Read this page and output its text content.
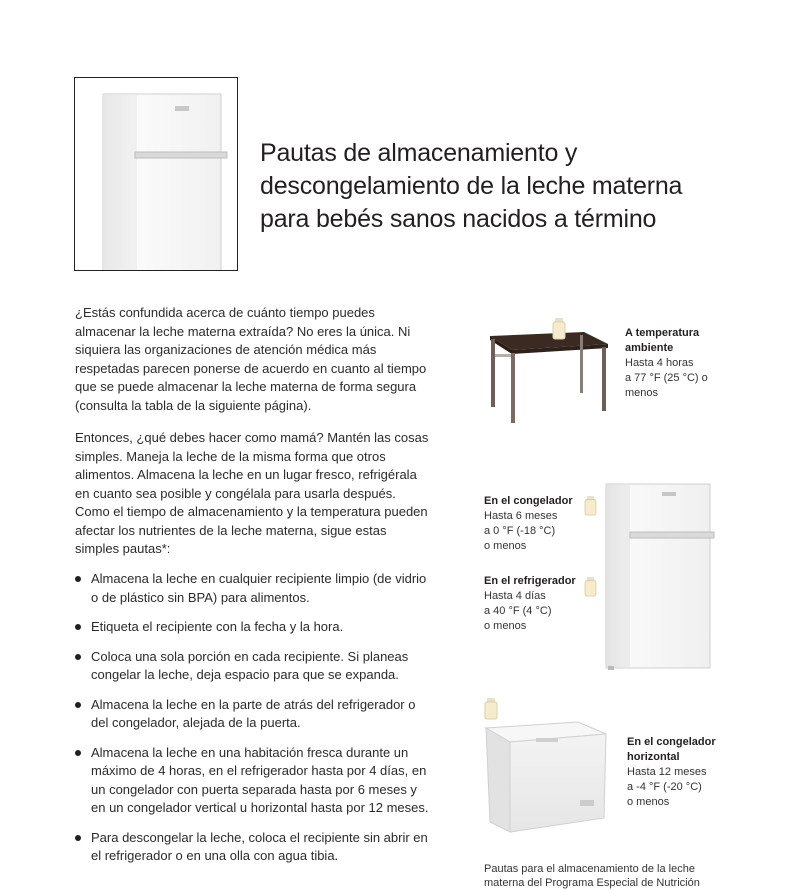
Pautas de almacenamiento y
descongelamiento de la leche materna
para bebés sanos nacidos a término

¿Estás confundida acerca de cuánto tiempo puedes almacenar la leche materna extraída? No eres la única. Ni siquiera las organizaciones de atención médica más respetadas parecen ponerse de acuerdo en cuanto al tiempo que se puede almacenar la leche materna de forma segura (consulta la tabla de la siguiente página).

Entonces, ¿qué debes hacer como mamá? Mantén las cosas simples. Maneja la leche de la misma forma que otros alimentos. Almacena la leche en un lugar fresco, refrigérala en cuanto sea posible y congélala para usarla después. Como el tiempo de almacenamiento y la temperatura pueden afectar los nutrientes de la leche materna, sigue estas simples pautas*:

Almacena la leche en cualquier recipiente limpio (de vidrio o de plástico sin BPA) para alimentos.
Etiqueta el recipiente con la fecha y la hora.
Coloca una sola porción en cada recipiente. Si planeas congelar la leche, deja espacio para que se expanda.
Almacena la leche en la parte de atrás del refrigerador o del congelador, alejada de la puerta.
Almacena la leche en una habitación fresca durante un máximo de 4 horas, en el refrigerador hasta por 4 días, en un congelador con puerta separada hasta por 6 meses y en un congelador vertical u horizontal hasta por 12 meses.
Para descongelar la leche, coloca el recipiente sin abrir en el refrigerador o en una olla con agua tibia.
A temperatura ambiente
Hasta 4 horas
a 77 °F (25 °C) o
menos
En el congelador
Hasta 6 meses
a 0 °F (-18 °C)
o menos
En el refrigerador
Hasta 4 días
a 40 °F (4 °C)
o menos
En el congelador
horizontal
Hasta 12 meses
a -4 °F (-20 °C)
o menos
Pautas para el almacenamiento de la leche materna del Programa Especial de Nutrición
